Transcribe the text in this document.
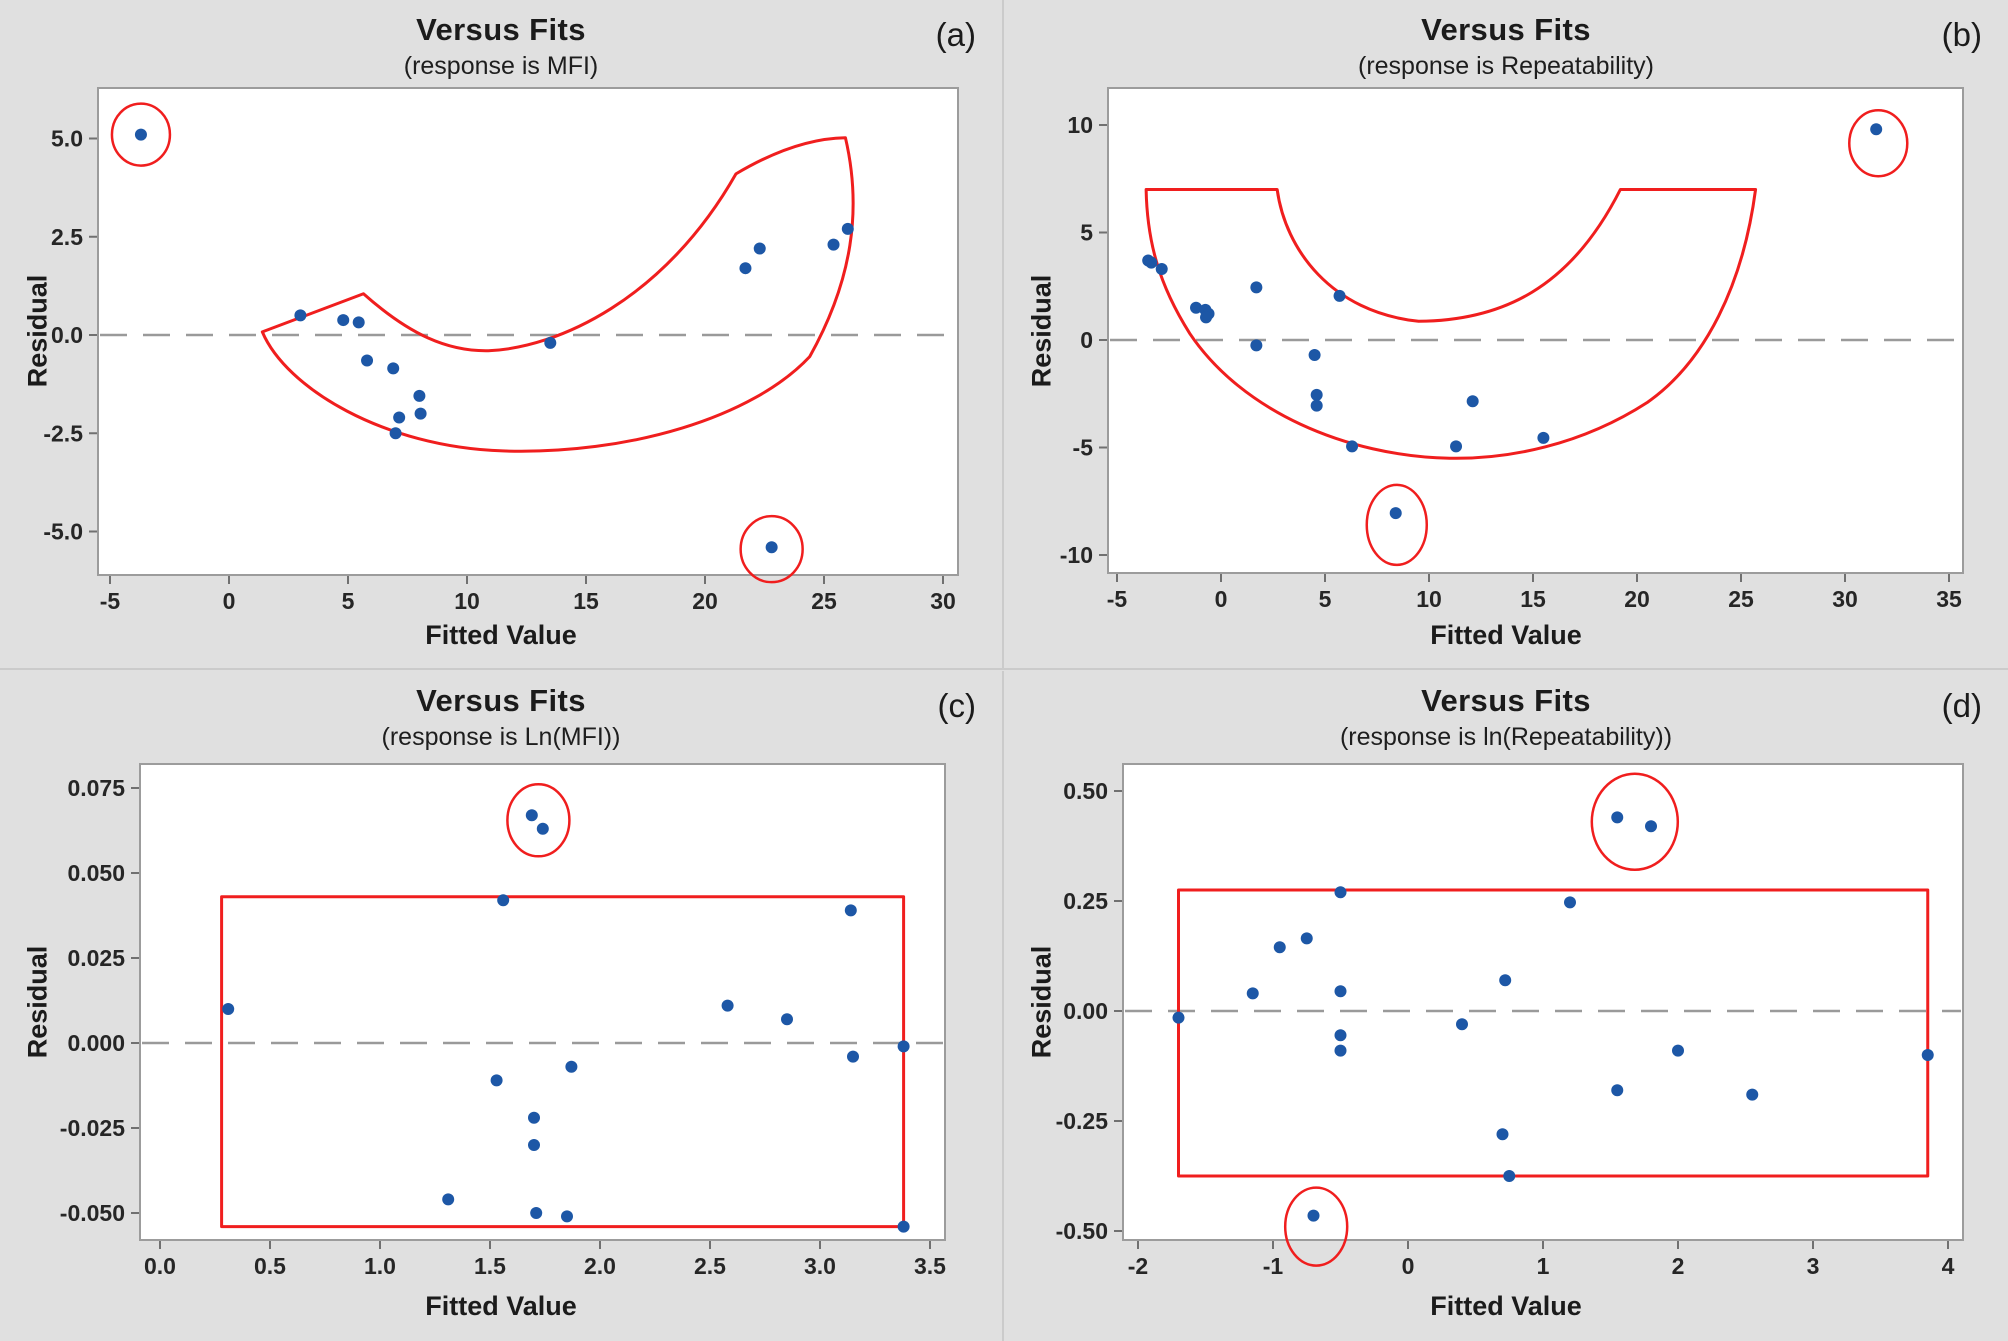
-5	0	5	10	15	20	25	30
5.0
2.5
0.0
-2.5
-5.0
Versus Fits
(response is MFI)
(a)
Residual
Fitted Value
-5	0	5	10	15	20	25	30	35
10
5
0
-5
-10
Versus Fits
(response is Repeatability)
(b)
Residual
Fitted Value
0.0	0.5	1.0	1.5	2.0	2.5	3.0	3.5
0.075
0.050
0.025
0.000
-0.025
-0.050
Versus Fits
(response is Ln(MFI))
(c)
Residual
Fitted Value
-2	-1	0	1	2	3	4
0.50
0.25
0.00
-0.25
-0.50
Versus Fits
(response is ln(Repeatability))
(d)
Residual
Fitted Value
